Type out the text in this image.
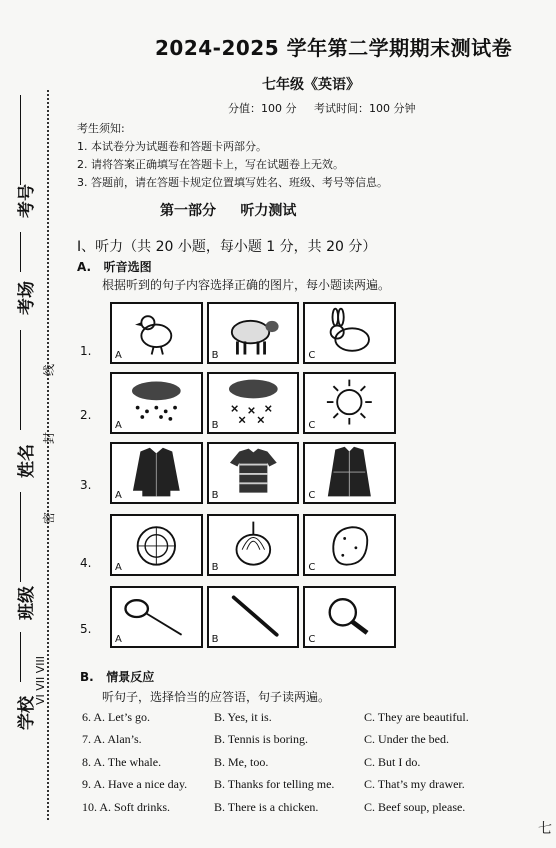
考号
考场
姓名
班级
学校
线
封
密
VI VII VIII
2024-2025 学年第二学期期末测试卷
七年级《英语》
分值：100 分     考试时间：100 分钟
考生须知:
1. 本试卷分为试题卷和答题卡两部分。
2. 请将答案正确填写在答题卡上，写在试题卷上无效。
3. 答题前，请在答题卡规定位置填写姓名、班级、考号等信息。
第一部分     听力测试
Ⅰ、听力（共 20 小题，每小题 1 分，共 20 分）
A.   听音选图
根据听到的句子内容选择正确的图片，每小题读两遍。
1. A	B	C
2.
A	B	C
3.
A	B	C
4. A	B	C
5.
A	B	C
B.   情景反应
听句子，选择恰当的应答语，句子读两遍。
6. A. Let’s go.	B. Yes, it is.	C. They are beautiful.
7. A. Alan’s.	B. Tennis is boring.	C. Under the bed.
8. A. The whale.	B. Me, too.	C. But I do.
9. A. Have a nice day. B. Thanks for telling me. C. That’s my drawer.
10. A. Soft drinks.	B. There is a chicken.	C. Beef soup, please.
七
